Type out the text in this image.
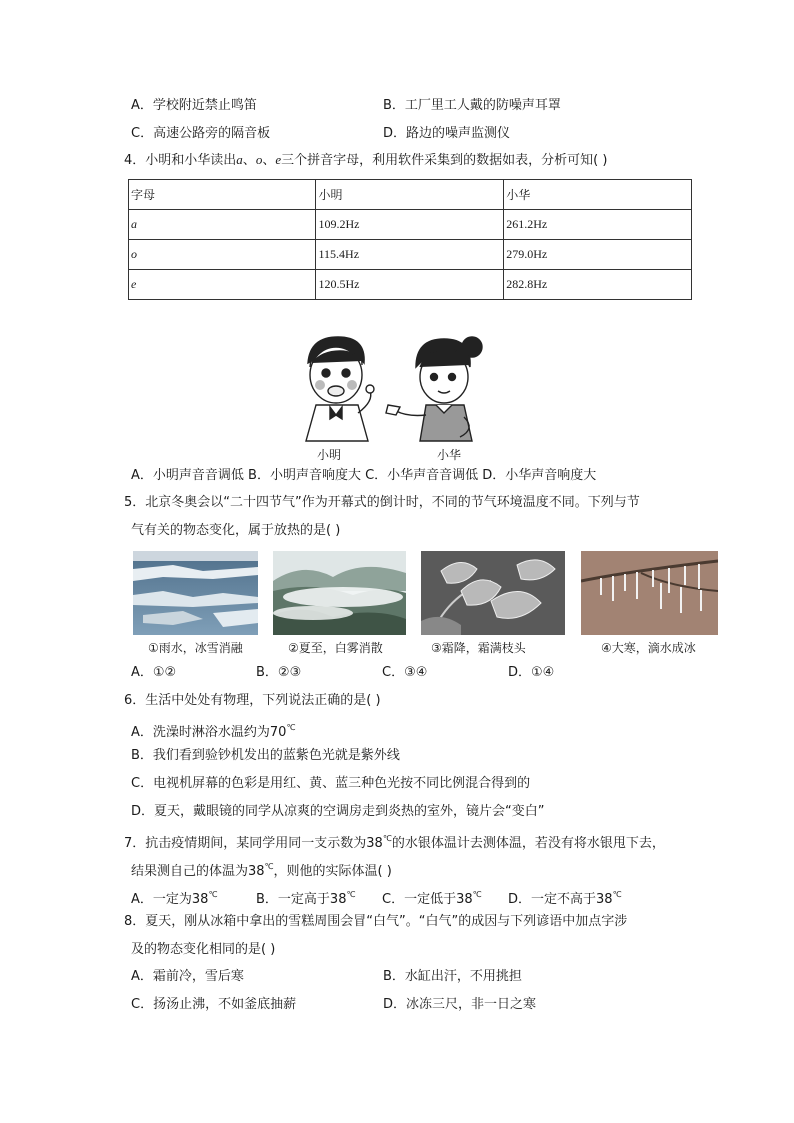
A．学校附近禁止鸣笛	B．工厂里工人戴的防噪声耳罩
C．高速公路旁的隔音板	D．路边的噪声监测仪
4．小明和小华读出a、o、e三个拼音字母，利用软件采集到的数据如表，分析可知( )
字母	小明	小华
a	109.2Hz	261.2Hz
o	115.4Hz	279.0Hz
e	120.5Hz	282.8Hz
小明	小华
A．小明声音音调低 B．小明声音响度大 C．小华声音音调低 D．小华声音响度大
5．北京冬奥会以“二十四节气”作为开幕式的倒计时，不同的节气环境温度不同。下列与节
气有关的物态变化，属于放热的是( )
①雨水，冰雪消融	②夏至，白雾消散	③霜降，霜满枝头	④大寒，滴水成冰
A．①②	B．②③	C．③④	D．①④
6．生活中处处有物理，下列说法正确的是( )
A．洗澡时淋浴水温约为70℃
B．我们看到验钞机发出的蓝紫色光就是紫外线
C．电视机屏幕的色彩是用红、黄、蓝三种色光按不同比例混合得到的
D．夏天，戴眼镜的同学从凉爽的空调房走到炎热的室外，镜片会“变白”
7．抗击疫情期间，某同学用同一支示数为38℃的水银体温计去测体温，若没有将水银甩下去，
结果测自己的体温为38℃，则他的实际体温( )
A．一定为38℃	B．一定高于38℃ C．一定低于38℃ D．一定不高于38℃
8．夏天，刚从冰箱中拿出的雪糕周围会冒“白气”。“白气”的成因与下列谚语中加点字涉
及的物态变化相同的是( )
A．霜前冷，雪后寒	B．水缸出汗，不用挑担
C．扬汤止沸，不如釜底抽薪	D．冰冻三尺，非一日之寒
